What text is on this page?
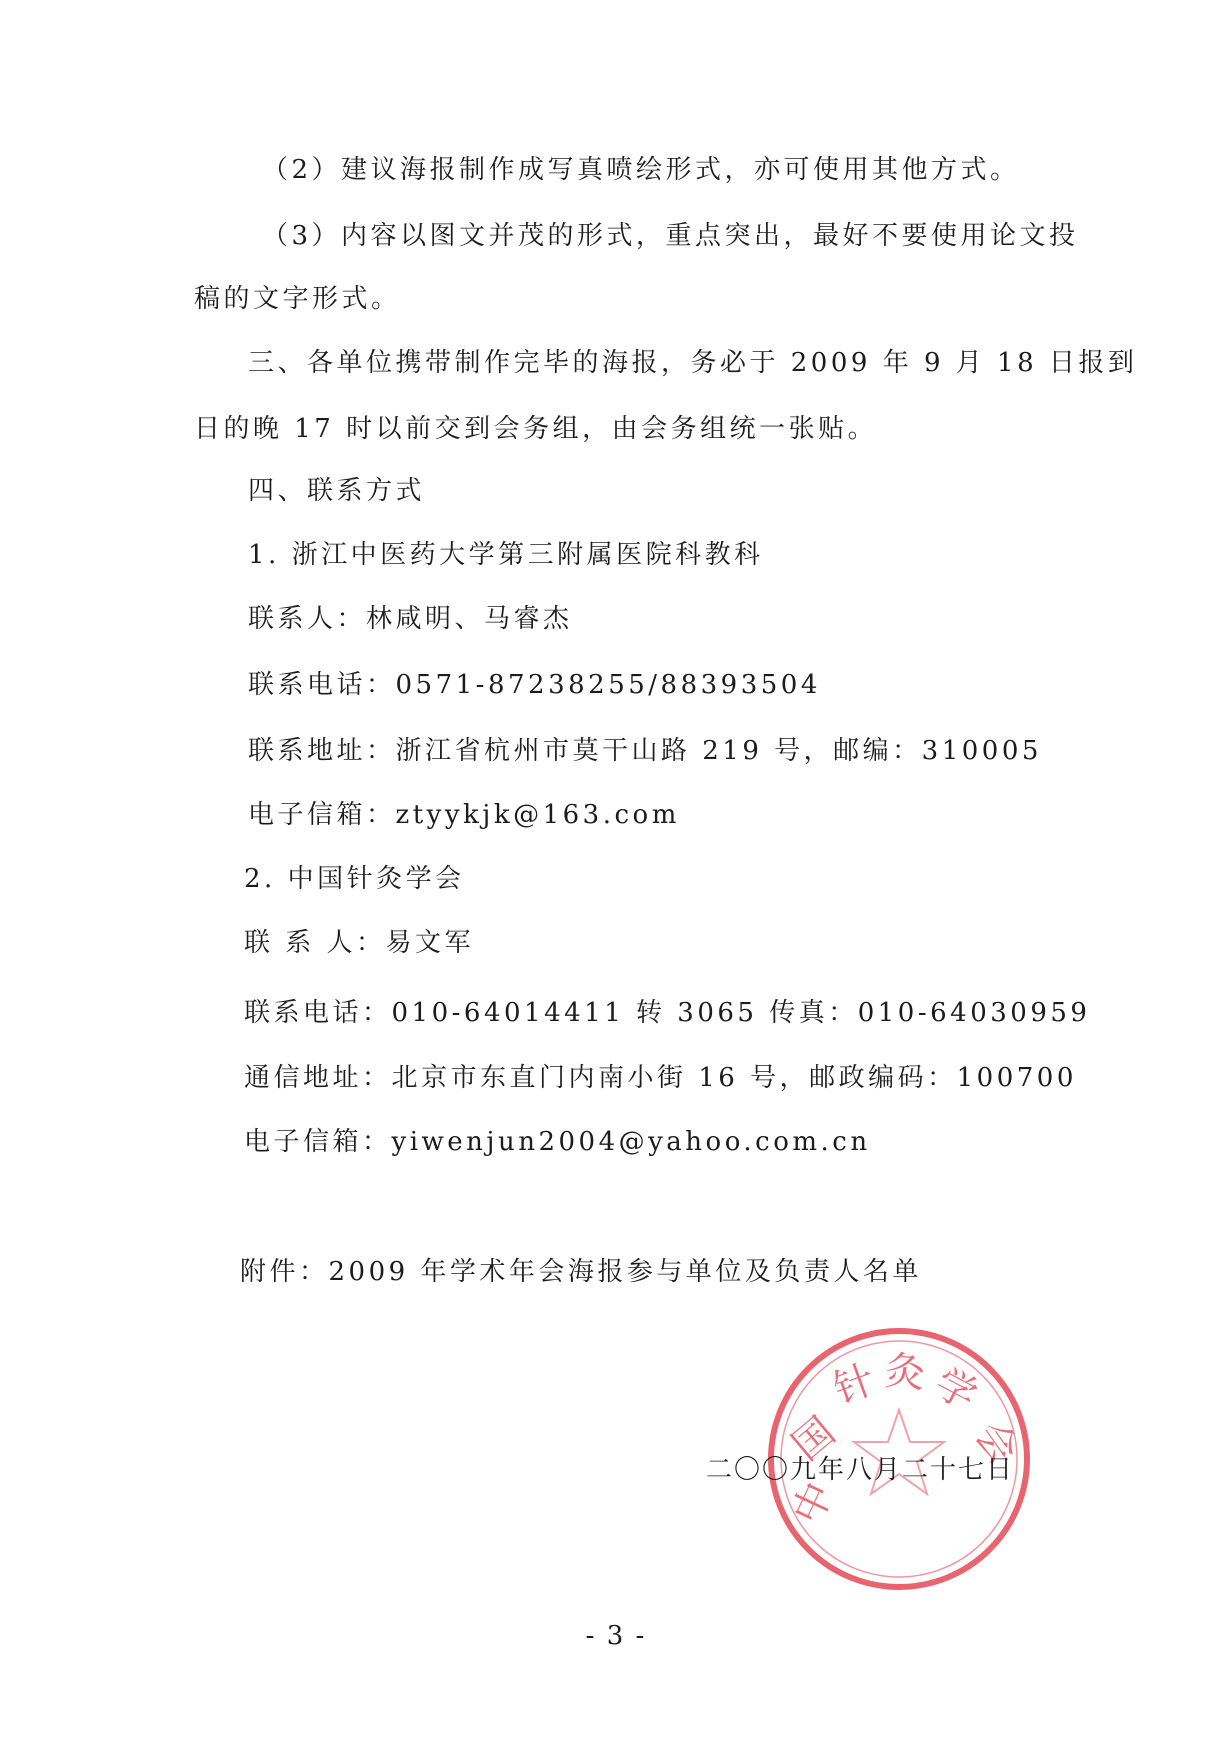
（2）建议海报制作成写真喷绘形式，亦可使用其他方式。
（3）内容以图文并茂的形式，重点突出，最好不要使用论文投
稿的文字形式。
三、各单位携带制作完毕的海报，务必于 2009 年 9 月 18 日报到
日的晚 17 时以前交到会务组，由会务组统一张贴。
四、联系方式
1. 浙江中医药大学第三附属医院科教科
联系人：林咸明、马睿杰
联系电话：0571-87238255/88393504
联系地址：浙江省杭州市莫干山路 219 号，邮编：310005
电子信箱：ztyykjk@163.com
2. 中国针灸学会
联 系 人：易文军
联系电话：010-64014411 转 3065 传真：010-64030959
通信地址：北京市东直门内南小街 16 号，邮政编码：100700
电子信箱：yiwenjun2004@yahoo.com.cn
附件：2009 年学术年会海报参与单位及负责人名单
中
国
针 灸 学
会
二〇〇九年八月二十七日
- 3 -
